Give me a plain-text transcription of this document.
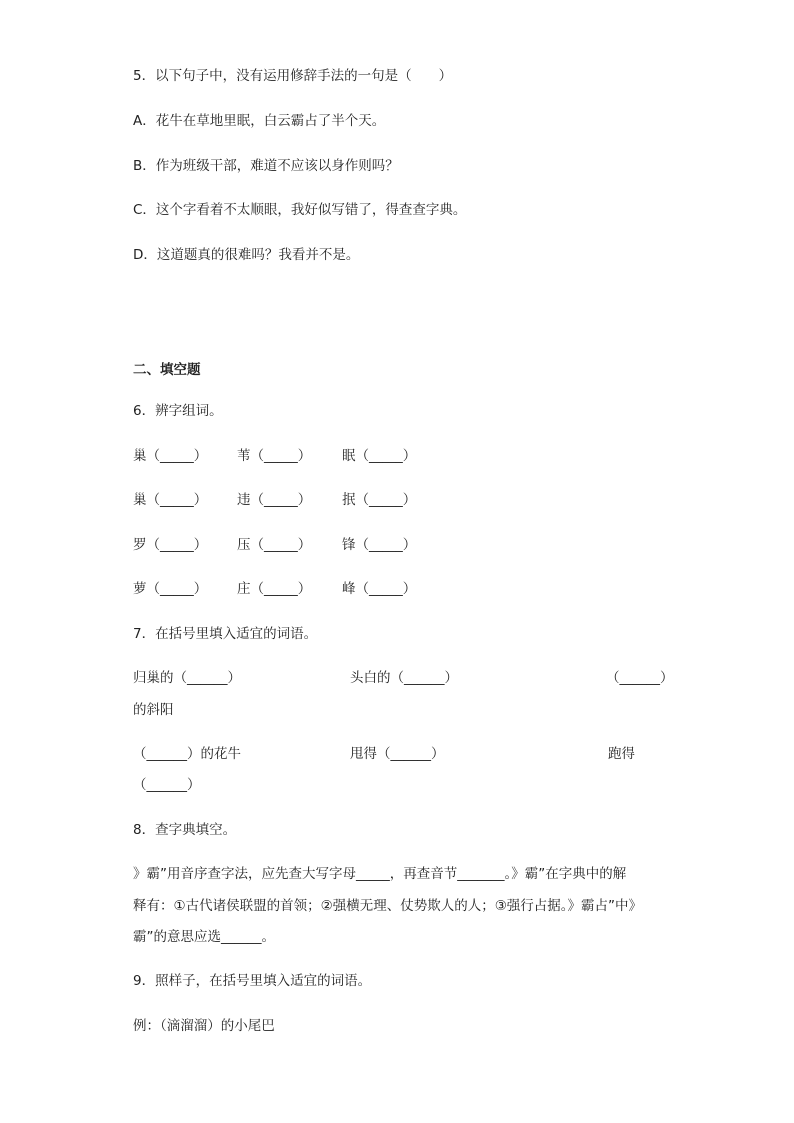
5．以下句子中，没有运用修辞手法的一句是（　　）
A．花牛在草地里眠，白云霸占了半个天。
B．作为班级干部，难道不应该以身作则吗？
C．这个字看着不太顺眼，我好似写错了，得查查字典。
D．这道题真的很难吗？我看并不是。
二、填空题
6．辨字组词。
巢（_____） 苇（_____） 眠（_____）
巢（_____） 违（_____） 抿（_____）
罗（_____） 压（_____） 锋（_____）
萝（_____） 庄（_____） 峰（_____）
7．在括号里填入适宜的词语。
归巢的（______）	头白的（______）	（______）
的斜阳
（______）的花牛	甩得（______）	跑得
（______）
8．查字典填空。
》霸”用音序查字法，应先查大写字母_____，再查音节_______。》霸”在字典中的解
释有：①古代诸侯联盟的首领；②强横无理、仗势欺人的人；③强行占据。》霸占”中》
霸”的意思应选______。
9．照样子，在括号里填入适宜的词语。
例：（滴溜溜）的小尾巴
